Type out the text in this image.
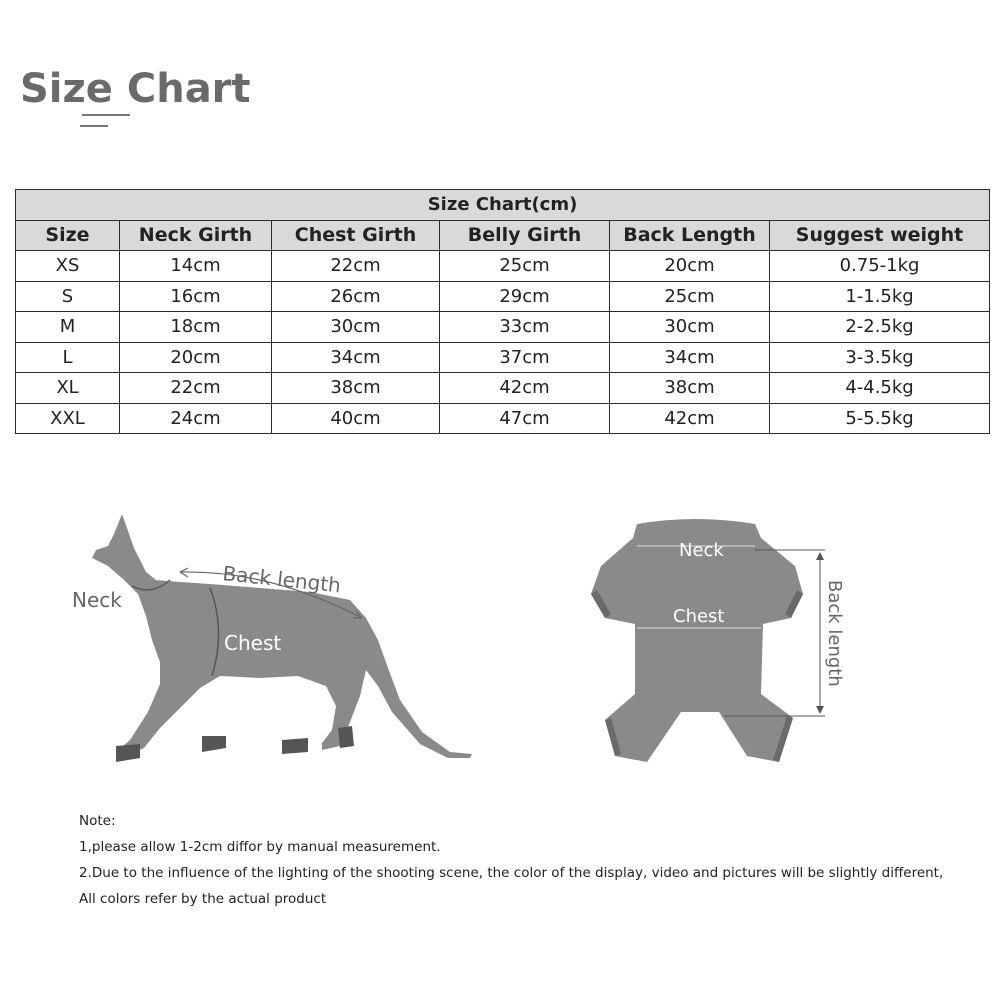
Size Chart
Size Chart(cm)					
Size	Neck Girth	Chest Girth	Belly Girth	Back Length	Suggest weight
XS	14cm	22cm	25cm	20cm	0.75-1kg
S	16cm	26cm	29cm	25cm	1-1.5kg
M	18cm	30cm	33cm	30cm	2-2.5kg
L	20cm	34cm	37cm	34cm	3-3.5kg
XL	22cm	38cm	42cm	38cm	4-4.5kg
XXL	24cm	40cm	47cm	42cm	5-5.5kg
Neck
Back length
Chest
Neck
Chest	Back length
Note:
1,please allow 1-2cm diffor by manual measurement.
2.Due to the influence of the lighting of the shooting scene, the color of the display, video and pictures will be slightly different,
All colors refer by the actual product
